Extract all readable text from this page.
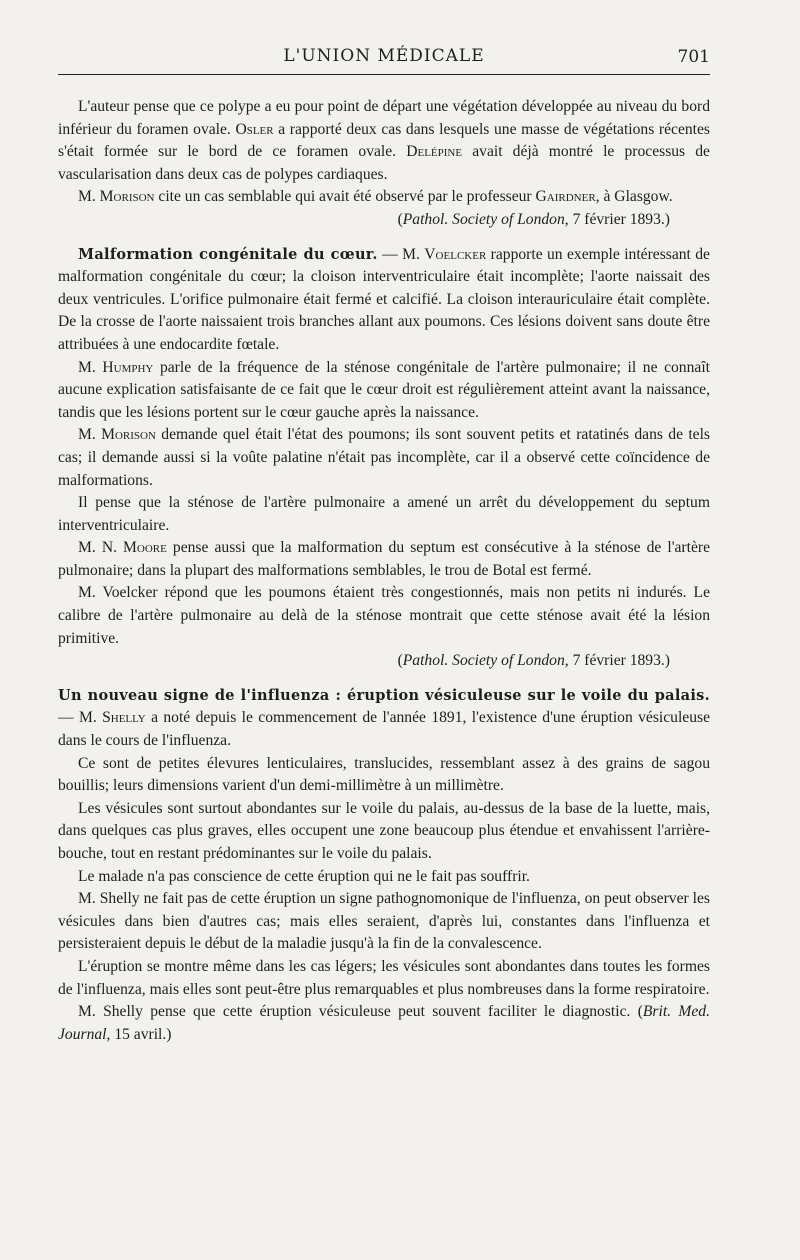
L'UNION MÉDICALE	701

L'auteur pense que ce polype a eu pour point de départ une végétation développée au niveau du bord inférieur du foramen ovale. Osler a rapporté deux cas dans lesquels une masse de végétations récentes s'était formée sur le bord de ce foramen ovale. Delépine avait déjà montré le processus de vascularisation dans deux cas de polypes cardiaques.

M. Morison cite un cas semblable qui avait été observé par le professeur Gairdner, à Glasgow.

(Pathol. Society of London, 7 février 1893.)

Malformation congénitale du cœur. — M. Voelcker rapporte un exemple intéressant de malformation congénitale du cœur; la cloison interventriculaire était incomplète; l'aorte naissait des deux ventricules. L'orifice pulmonaire était fermé et calcifié. La cloison interauriculaire était complète. De la crosse de l'aorte naissaient trois branches allant aux poumons. Ces lésions doivent sans doute être attribuées à une endocardite fœtale.

M. Humphy parle de la fréquence de la sténose congénitale de l'artère pulmonaire; il ne connaît aucune explication satisfaisante de ce fait que le cœur droit est régulièrement atteint avant la naissance, tandis que les lésions portent sur le cœur gauche après la naissance.

M. Morison demande quel était l'état des poumons; ils sont souvent petits et ratatinés dans de tels cas; il demande aussi si la voûte palatine n'était pas incomplète, car il a observé cette coïncidence de malformations.

Il pense que la sténose de l'artère pulmonaire a amené un arrêt du développement du septum interventriculaire.

M. N. Moore pense aussi que la malformation du septum est consécutive à la sténose de l'artère pulmonaire; dans la plupart des malformations semblables, le trou de Botal est fermé.

M. Voelcker répond que les poumons étaient très congestionnés, mais non petits ni indurés. Le calibre de l'artère pulmonaire au delà de la sténose montrait que cette sténose avait été la lésion primitive.

(Pathol. Society of London, 7 février 1893.)

Un nouveau signe de l'influenza : éruption vésiculeuse sur le voile du palais. — M. Shelly a noté depuis le commencement de l'année 1891, l'existence d'une éruption vésiculeuse dans le cours de l'influenza.

Ce sont de petites élevures lenticulaires, translucides, ressemblant assez à des grains de sagou bouillis; leurs dimensions varient d'un demi-millimètre à un millimètre.

Les vésicules sont surtout abondantes sur le voile du palais, au-dessus de la base de la luette, mais, dans quelques cas plus graves, elles occupent une zone beaucoup plus étendue et envahissent l'arrière-bouche, tout en restant prédominantes sur le voile du palais.

Le malade n'a pas conscience de cette éruption qui ne le fait pas souffrir.

M. Shelly ne fait pas de cette éruption un signe pathognomonique de l'influenza, on peut observer les vésicules dans bien d'autres cas; mais elles seraient, d'après lui, constantes dans l'influenza et persisteraient depuis le début de la maladie jusqu'à la fin de la convalescence.

L'éruption se montre même dans les cas légers; les vésicules sont abondantes dans toutes les formes de l'influenza, mais elles sont peut-être plus remarquables et plus nombreuses dans la forme respiratoire.

M. Shelly pense que cette éruption vésiculeuse peut souvent faciliter le diagnostic. (Brit. Med. Journal, 15 avril.)
